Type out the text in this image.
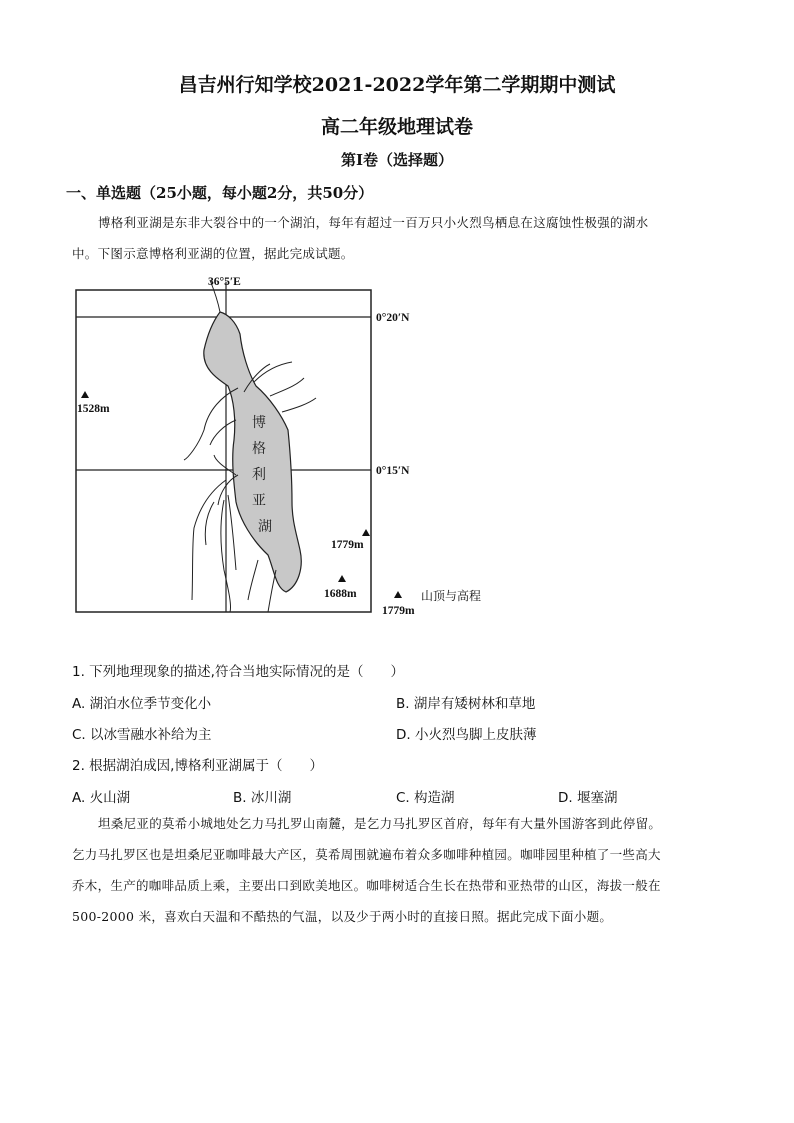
昌吉州行知学校2021-2022学年第二学期期中测试
高二年级地理试卷
第I卷（选择题）
一、单选题（25小题，每小题2分，共50分）
博格利亚湖是东非大裂谷中的一个湖泊，每年有超过一百万只小火烈鸟栖息在这腐蚀性极强的湖水
中。下图示意博格利亚湖的位置，据此完成试题。
博
格
利
亚
湖
36°5′E
0°20′N
0°15′N
1528m
1779m
1688m	山顶与高程
1779m
1. 下列地理现象的描述,符合当地实际情况的是（　　）
A. 湖泊水位季节变化小	B. 湖岸有矮树林和草地
C. 以冰雪融水补给为主	D. 小火烈鸟脚上皮肤薄
2. 根据湖泊成因,博格利亚湖属于（　　）
A. 火山湖	B. 冰川湖	C. 构造湖	D. 堰塞湖
坦桑尼亚的莫希小城地处乞力马扎罗山南麓，是乞力马扎罗区首府，每年有大量外国游客到此停留。
乞力马扎罗区也是坦桑尼亚咖啡最大产区，莫希周围就遍布着众多咖啡种植园。咖啡园里种植了一些高大
乔木，生产的咖啡品质上乘，主要出口到欧美地区。咖啡树适合生长在热带和亚热带的山区，海拔一般在
500-2000 米，喜欢白天温和不酷热的气温，以及少于两小时的直接日照。据此完成下面小题。
